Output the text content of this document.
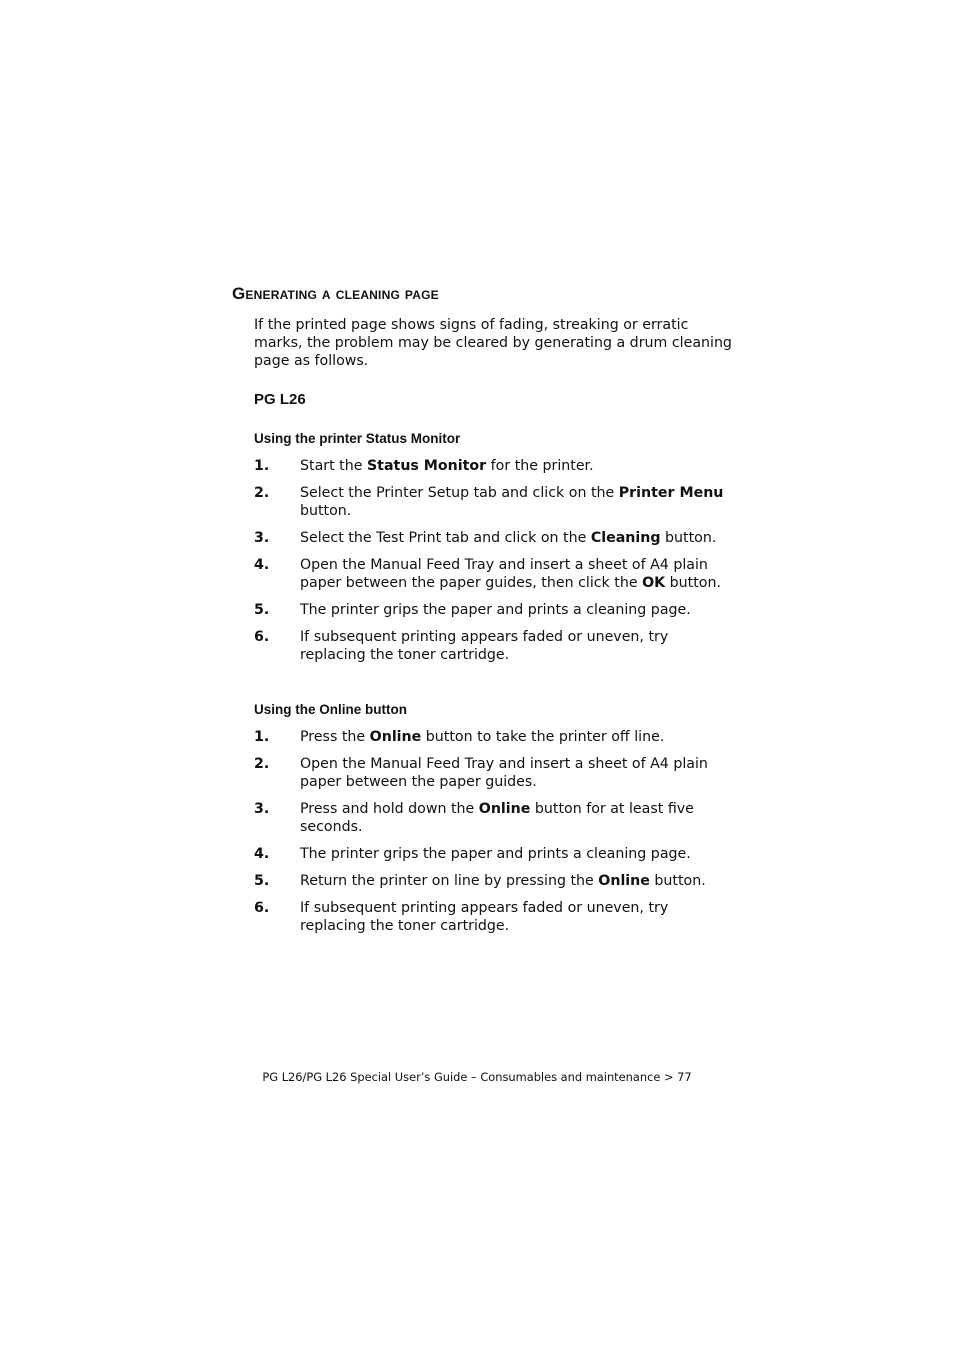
Generating a cleaning page

If the printed page shows signs of fading, streaking or erratic marks, the problem may be cleared by generating a drum cleaning page as follows.

PG L26
Using the printer Status Monitor
1.	Start the Status Monitor for the printer.
2.	Select the Printer Setup tab and click on the Printer Menu button.
3.	Select the Test Print tab and click on the Cleaning button.
4.	Open the Manual Feed Tray and insert a sheet of A4 plain paper between the paper guides, then click the OK button.
5.	The printer grips the paper and prints a cleaning page.
6.	If subsequent printing appears faded or uneven, try replacing the toner cartridge.
Using the Online button
1.	Press the Online button to take the printer off line.
2.	Open the Manual Feed Tray and insert a sheet of A4 plain paper between the paper guides.
3.	Press and hold down the Online button for at least five seconds.
4.	The printer grips the paper and prints a cleaning page.
5.	Return the printer on line by pressing the Online button.
6.	If subsequent printing appears faded or uneven, try replacing the toner cartridge.
PG L26/PG L26 Special User’s Guide – Consumables and maintenance > 77
